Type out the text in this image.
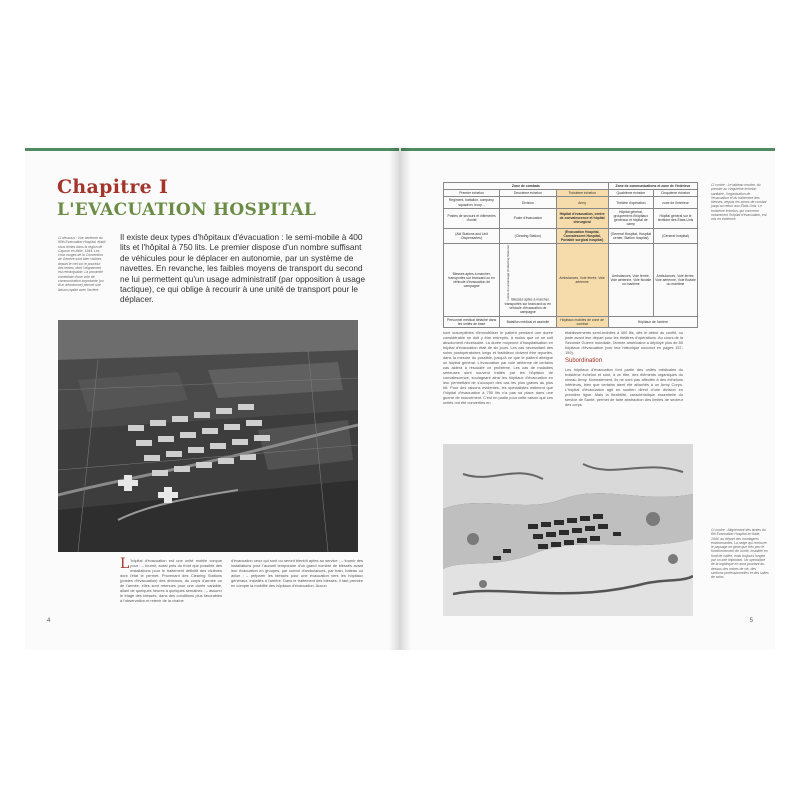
Chapitre I
L'EVACUATION HOSPITAL
Ci-dessous : Vue aérienne du 95th Evacuation Hospital, établi sous tentes dans la région de Capoue en Italie, 1944. Les croix rouges de la Convention de Genève sont bien visibles depuis le ciel sur le pourtour des tentes, dont l'alignement est remarquable. La proximité immédiate d'une voie de communication importante (ou d'un aérodrome) permet une liaison rapide avec l'arrière.
Il existe deux types d'hôpitaux d'évacuation : le semi-mobile à 400 lits et l'hôpital à 750 lits. Le premier dispose d'un nombre suffisant de véhicules pour le déplacer en autonomie, par un système de navettes. En revanche, les faibles moyens de transport du second ne lui permettent qu'un usage administratif (par opposition à usage tactique), ce qui oblige à recourir à une unité de transport pour le déplacer.
L 'hôpital d'évacuation est une unité mobile conçue pour : – fournir, aussi près du front que possible des installations pour le traitement définitif des victimes dont l'état le permet. Provenant des Clearing Stations (postes d'évacuation) des divisions, du corps d'armée ou de l'armée, elles sont retenues pour une durée variable, allant de quelques heures à quelques semaines ; – assurer le triage des blessés, dans des conditions plus favorables à l'observation et retenir de la chaîne
d'évacuation ceux qui sont ou seront bientôt aptes au service ; – fournir des installations pour l'accueil temporaire d'un grand nombre de blessés avant leur évacuation en groupes, par convoi d'ambulances, par train, bateau ou avion ; – préparer les blessés pour une évacuation vers les hôpitaux généraux, installés à l'arrière. Dans le traitement des blessés, il faut prendre en compte la mobilité des hôpitaux d'évacuation. Aucun
4
Zone de combats			Zone de communications et zone de l'intérieur	
Premier échelon	Deuxième échelon	Troisième échelon	Quatrième échelon	Cinquième échelon
Regiment, battalion, company, squadron, troop...	Division	Army	Théâtre d'opération	zone de l'intérieur
Postes de secours et infirmeries d'unité	Poste d'évacuation	Hôpital d'évacuation, centre de convalescence et hôpital chirurgical	Hôpital général, groupement d'hôpitaux généraux et hôpital de camp	Hôpital général sur le territoire des États-Unis
(Aid Stations and Unit Dispensaries)	(Clearing Station)	(Evacuation Hospital, Convalescent Hospital, Portable surgical hospital)	(General Hospital, Hospital center, Station hospital)	(General hospital)
Blessés aptes à marcher, transportés sur brancard ou en véhicule d'évacuation de campagne	Limite du ramassage (Collecting Stations) Blessés aptes à marcher, transportés sur brancard ou en véhicule d'évacuation de campagne	Ambulances, Voie ferrée, Voie aérienne	Ambulances, Voie ferrée, Voie aérienne, Voie fluviale ou maritime	Ambulances, Voie ferrée, Voie aérienne, Voie fluviale ou maritime
Personnel médical détaché dans les unités de base	Bataillon médical et assimilé	Hôpitaux mobiles de zone de combat	Hôpitaux de l'arrière	
Ci-contre : Le tableau montre, du premier au cinquième échelon sanitaire, l'organisation de l'évacuation et du traitement des blessés, depuis les zones de combat jusqu'au retour aux États-Unis. Le troisième échelon, qui concerne notamment l'hôpital d'évacuation, est mis en évidence.
sont susceptibles d'immobiliser le patient pendant une durée considérable ne doit y être entrepris, à moins que ce ne soit absolument nécessaire. La durée moyenne d'hospitalisation en hôpital d'évacuation était de six jours. Les cas nécessitant des soins postopératoires longs et fastidieux doivent être reportés, dans la mesure du possible, jusqu'à ce que le patient atteigne un hôpital général. L'évacuation par voie aérienne de certains cas aidera à résoudre ce problème. Les cas de maladies sérieuses sont souvent traités par les hôpitaux de convalescence, soulageant ainsi les hôpitaux d'évacuation en leur permettant de s'occuper des cas les plus graves au plus tôt. Pour des raisons évidentes, les spécialistes estiment que l'hôpital d'évacuation à 750 lits n'a pas sa place dans une guerre de mouvement. C'est en partie pour cette raison que ces unités ont été converties en
établissements semi-mobiles à 400 lits, dès le début du conflit, ou juste avant leur départ pour les théâtres d'opérations. Au cours de la Seconde Guerre mondiale, l'armée américaine a déployé plus de 80 hôpitaux d'évacuation (voir leur historique succinct en pages 157-159).
Subordination
Les hôpitaux d'évacuation font partie des unités médicales du troisième échelon et sont, à ce titre, des éléments organiques du niveau Army. Normalement, ils ne sont pas affectés à des échelons inférieurs, bien que certains aient été attachés à un Army Corps. L'hôpital d'évacuation agit en soutien direct d'une division en première ligne. Mais la flexibilité, caractéristique essentielle du service de Santé, permet de faire abstraction des limites de secteur des corps
Ci-contre : Alignement des tentes du 8th Evacuation Hospital en Italie, 1944, au départ des montagnes environnantes. La neige qui recouvre le paysage ne gêne que très peu le fonctionnement de l'unité, installée en fond de vallée, mais toujours longée par un axe important. Un spécialiste de la logistique en aura pourtant au-dessus des ordres de vie, des sections professionnelles et des salles de soins.
5
